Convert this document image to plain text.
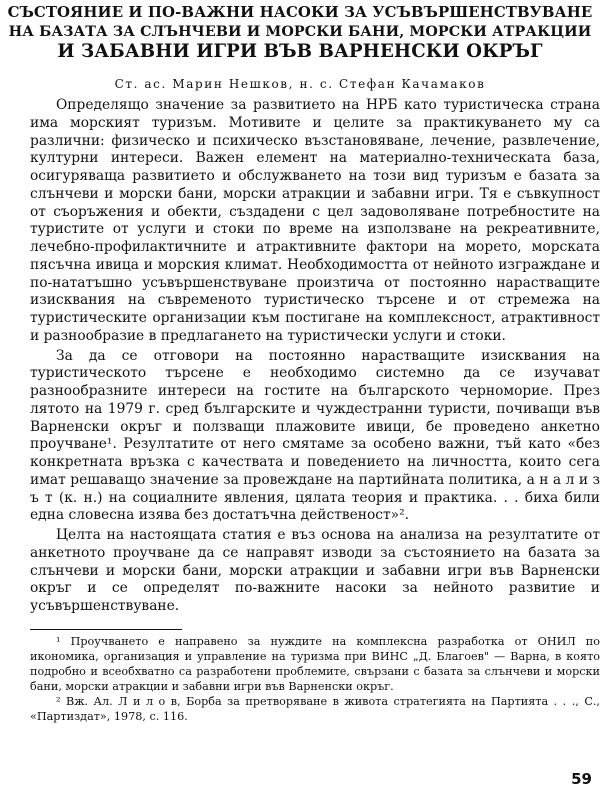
СЪСТОЯНИЕ И ПО-ВАЖНИ НАСОКИ ЗА УСЪВЪРШЕНСТВУВАНЕ
НА БАЗАТА ЗА СЛЪНЧЕВИ И МОРСКИ БАНИ, МОРСКИ АТРАКЦИИ
И ЗАБАВНИ ИГРИ ВЪВ ВАРНЕНСКИ ОКРЪГ
Ст. ас. Марин Нешков, н. с. Стефан Качамаков

Определящо значение за развитието на НРБ като туристическа страна има морският туризъм. Мотивите и целите за практикуването му са различни: физическо и психическо възстановяване, лечение, развлечение, културни интереси. Важен елемент на материално-техническата база, осигуряваща развитието и обслужването на този вид туризъм е базата за слънчеви и морски бани, морски атракции и забавни игри. Тя е съвкупност от съоръжения и обекти, създадени с цел задоволяване потребностите на туристите от услуги и стоки по време на използване на рекреативните, лечебно-профилактичните и атрактивните фактори на морето, морската пясъчна ивица и морския климат. Необходимостта от нейното изграждане и по-нататъшно усъвършенствуване произтича от постоянно нарастващите изисквания на съвременото туристическо търсене и от стремежа на туристическите организации към постигане на комплексност, атрактивност и разнообразие в предлагането на туристически услуги и стоки.

За да се отговори на постоянно нарастващите изисквания на туристическото търсене е необходимо системно да се изучават разнообразните интереси на гостите на българското черноморие. През лятото на 1979 г. сред българските и чуждестранни туристи, почиващи във Варненски окръг и ползващи плажовите ивици, бе проведено анкетно проучване¹. Резултатите от него смятаме за особено важни, тъй като «без конкретната връзка с качествата и поведението на личността, които сега имат решаващо значение за провеждане на партийната политика, а н а л и з ъ т (к. н.) на социалните явления, цялата теория и практика. . . биха били една словесна изява без достатъчна действеност»².

Целта на настоящата статия е въз основа на анализа на резултатите от анкетното проучване да се направят изводи за състоянието на базата за слънчеви и морски бани, морски атракции и забавни игри във Варненски окръг и се определят по-важните насоки за нейното развитие и усъвършенствуване.

¹ Проучването е направено за нуждите на комплексна разработка от ОНИЛ по икономика, организация и управление на туризма при ВИНС „Д. Благоев" — Варна, в която подробно и всеобхватно са разработени проблемите, свързани с базата за слънчеви и морски бани, морски атракции и забавни игри във Варненски окръг.

² Вж. Ал. Л и л о в, Борба за претворяване в живота стратегията на Партията . . ., С., «Партиздат», 1978, с. 116.

59
